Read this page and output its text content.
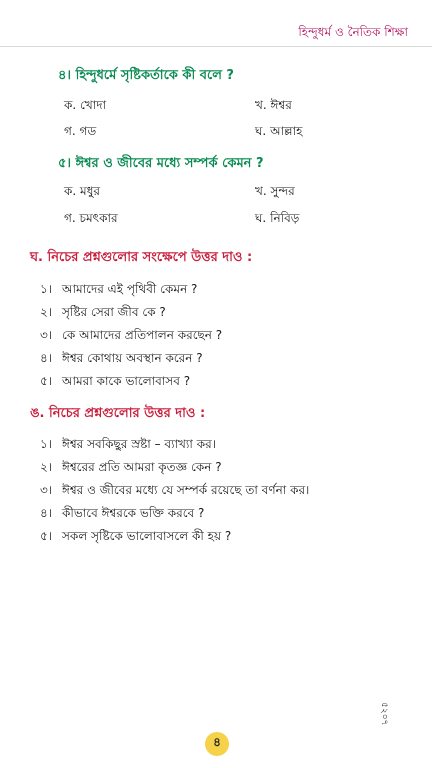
হিন্দুধর্ম ও নৈতিক শিক্ষা
৪। হিন্দুধর্মে সৃষ্টিকর্তাকে কী বলে ?
ক. খোদা	খ. ঈশ্বর
গ. গড	ঘ. আল্লাহ
৫। ঈশ্বর ও জীবের মধ্যে সম্পর্ক কেমন ?
ক. মধুর	খ. সুন্দর
গ. চমৎকার	ঘ. নিবিড়
ঘ. নিচের প্রশ্নগুলোর সংক্ষেপে উত্তর দাও :
১। আমাদের এই পৃথিবী কেমন ?
২। সৃষ্টির সেরা জীব কে ?
৩। কে আমাদের প্রতিপালন করছেন ?
৪। ঈশ্বর কোথায় অবস্থান করেন ?
৫। আমরা কাকে ভালোবাসব ?
ঙ. নিচের প্রশ্নগুলোর উত্তর দাও :
১। ঈশ্বর সবকিছুর স্রষ্টা – ব্যাখ্যা কর।
২। ঈশ্বরের প্রতি আমরা কৃতজ্ঞ কেন ?
৩। ঈশ্বর ও জীবের মধ্যে যে সম্পর্ক রয়েছে তা বর্ণনা কর।
৪। কীভাবে ঈশ্বরকে ভক্তি করবে ?
৫। সকল সৃষ্টিকে ভালোবাসলে কী হয় ?
৫২০৭
৪
